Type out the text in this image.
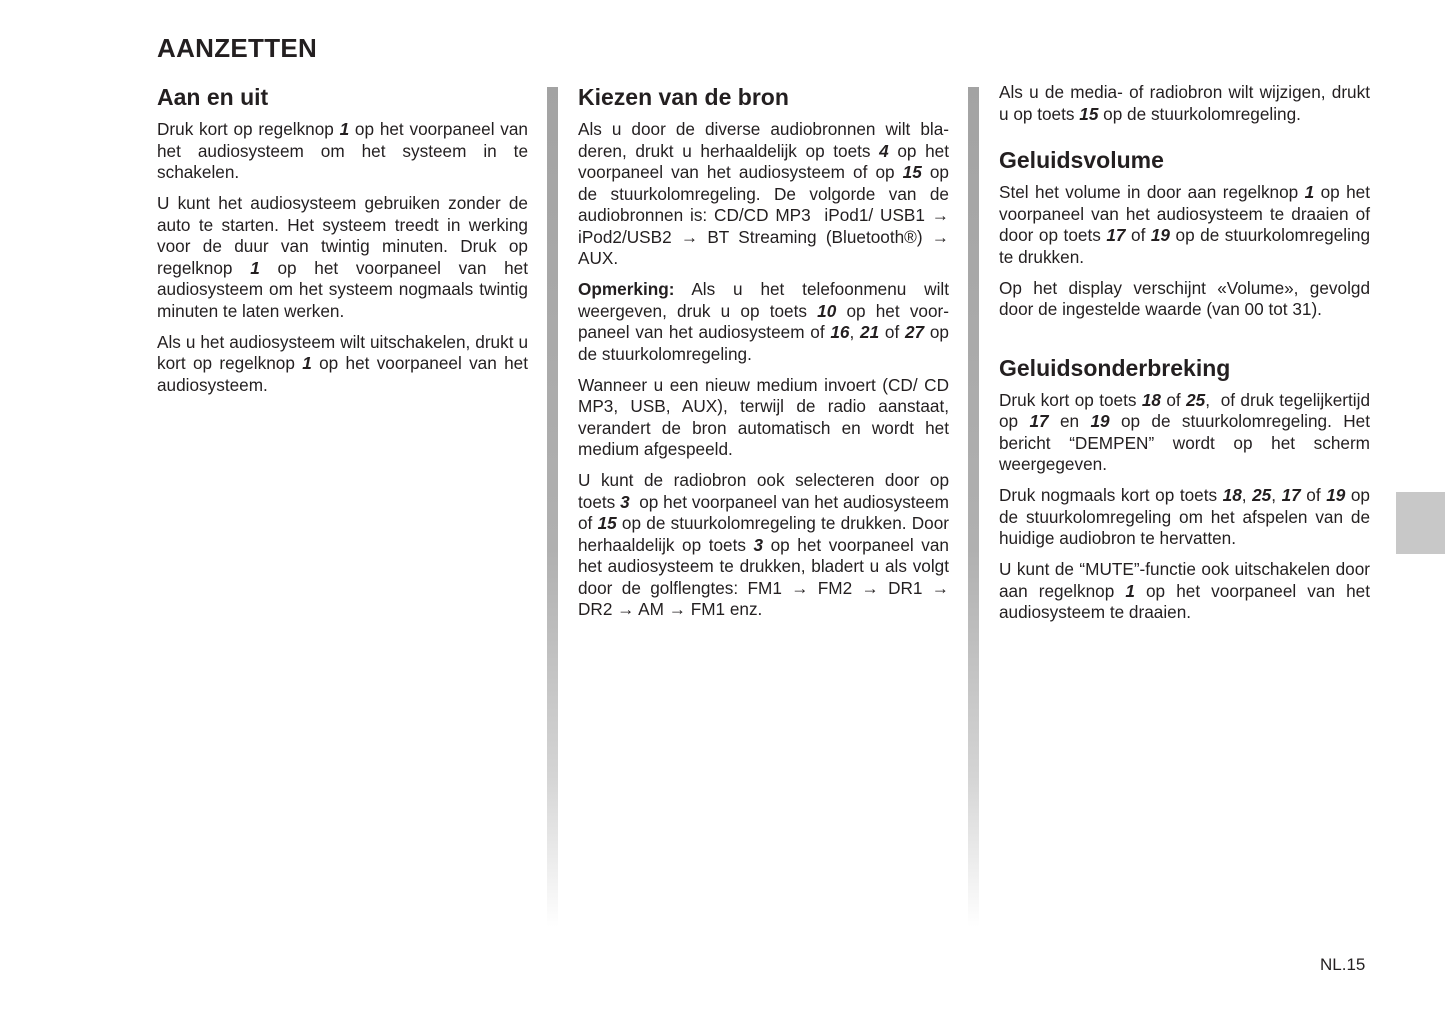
AANZETTEN
Aan en uit

Druk kort op regelknop 1 op het voorpaneel van het audiosysteem om het systeem in te schakelen.

U kunt het audiosysteem gebruiken zonder de auto te starten. Het systeem treedt in werking voor de duur van twintig minuten. Druk op regelknop 1 op het voorpaneel van het audiosysteem om het systeem nogmaals twintig minuten te laten werken.

Als u het audiosysteem wilt uitschakelen, drukt u kort op regelknop 1 op het voorpaneel van het audiosysteem.

Kiezen van de bron

Als u door de diverse audiobronnen wilt bladeren, drukt u herhaaldelijk op toets 4 op het voorpaneel van het audiosysteem of op 15 op de stuurkolomregeling. De volgorde van de audiobronnen is: CD/CD MP3  iPod1/ USB1 → iPod2/USB2 → BT Streaming (Bluetooth®) → AUX.

Opmerking: Als u het telefoonmenu wilt weergeven, druk u op toets 10 op het voorpaneel van het audiosysteem of 16, 21 of 27 op de stuurkolomregeling.

Wanneer u een nieuw medium invoert (CD/ CD MP3, USB, AUX), terwijl de radio aanstaat, verandert de bron automatisch en wordt het medium afgespeeld.

U kunt de radiobron ook selecteren door op toets 3  op het voorpaneel van het audiosysteem of 15 op de stuurkolomregeling te drukken. Door herhaaldelijk op toets 3 op het voorpaneel van het audiosysteem te drukken, bladert u als volgt door de golflengtes: FM1 → FM2 → DR1 → DR2 → AM → FM1 enz.

Als u de media- of radiobron wilt wijzigen, drukt u op toets 15 op de stuurkolomregeling.

Geluidsvolume

Stel het volume in door aan regelknop 1 op het voorpaneel van het audiosysteem te draaien of door op toets 17 of 19 op de stuurkolomregeling te drukken.

Op het display verschijnt «Volume», gevolgd door de ingestelde waarde (van 00 tot 31).

Geluidsonderbreking

Druk kort op toets 18 of 25,  of druk tegelijkertijd op 17 en 19 op de stuurkolomregeling. Het bericht “DEMPEN” wordt op het scherm weergegeven.

Druk nogmaals kort op toets 18, 25, 17 of 19 op de stuurkolomregeling om het afspelen van de huidige audiobron te hervatten.

U kunt de “MUTE”-functie ook uitschakelen door aan regelknop 1 op het voorpaneel van het audiosysteem te draaien.

NL.15
